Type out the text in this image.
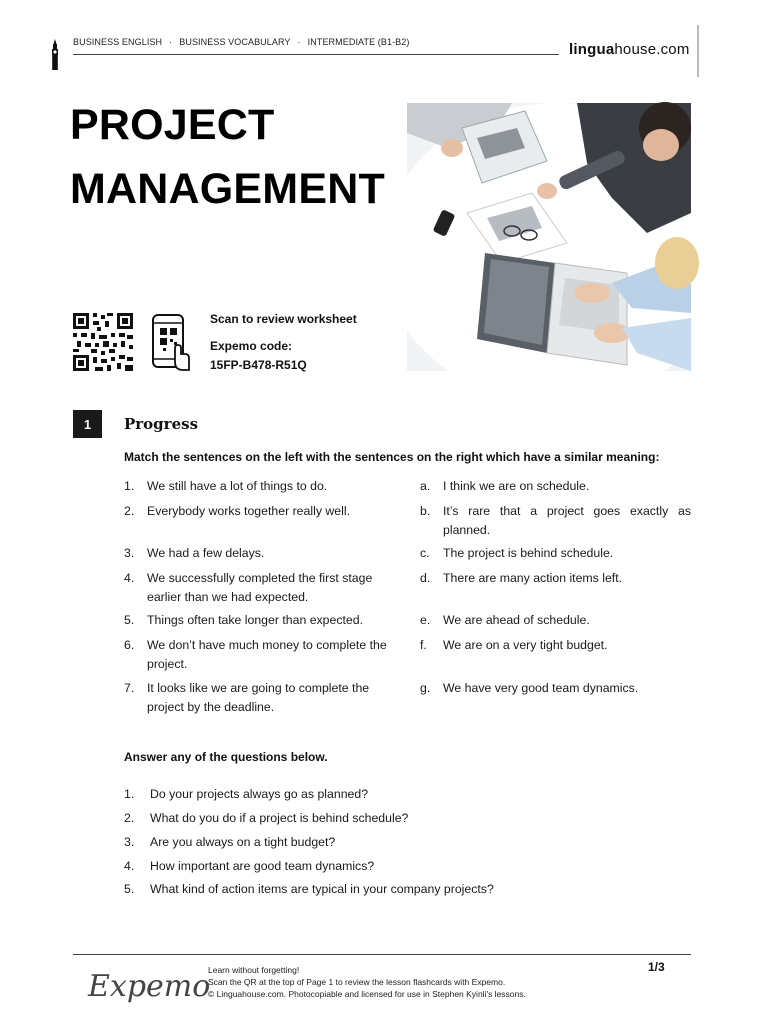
BUSINESS ENGLISH · BUSINESS VOCABULARY · INTERMEDIATE (B1-B2)	linguahouse.com
PROJECT
MANAGEMENT
Scan to review worksheet
Expemo code:
15FP-B478-R51Q
1	Progress
Match the sentences on the left with the sentences on the right which have a similar meaning:
1. We still have a lot of things to do.
2. Everybody works together really well.
3. We had a few delays.
4. We successfully completed the first stage earlier than we had expected.
5. Things often take longer than expected.
6. We don’t have much money to complete the project.
7. It looks like we are going to complete the project by the deadline.
a. I think we are on schedule.
b. It’s rare that a project goes exactly as planned.
c. The project is behind schedule.
d. There are many action items left.
e. We are ahead of schedule.
f. We are on a very tight budget.
g. We have very good team dynamics.
Answer any of the questions below.
1. Do your projects always go as planned?
2. What do you do if a project is behind schedule?
3. Are you always on a tight budget?
4. How important are good team dynamics?
5. What kind of action items are typical in your company projects?
Expemo
Learn without forgetting!
Scan the QR at the top of Page 1 to review the lesson flashcards with Expemo.
© Linguahouse.com. Photocopiable and licensed for use in Stephen Kyinli's lessons.
1/3
